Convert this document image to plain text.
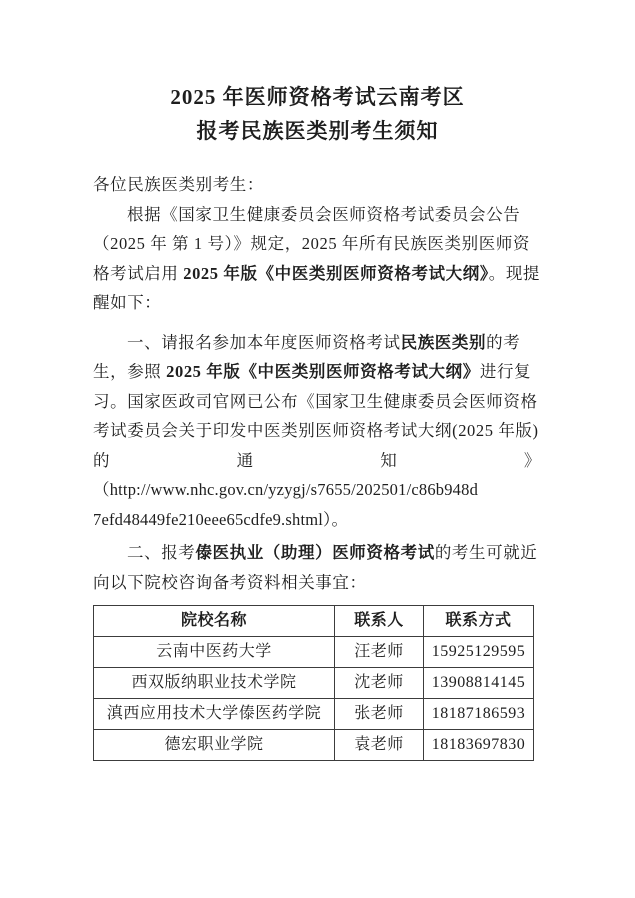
2025 年医师资格考试云南考区
报考民族医类别考生须知
各位民族医类别考生：
根据《国家卫生健康委员会医师资格考试委员会公告
（2025 年 第 1 号）》规定，2025 年所有民族医类别医师资
格考试启用 2025 年版《中医类别医师资格考试大纲》。现提
醒如下：
一、请报名参加本年度医师资格考试民族医类别的考
生，参照 2025 年版《中医类别医师资格考试大纲》进行复
习。国家医政司官网已公布《国家卫生健康委员会医师资格
考试委员会关于印发中医类别医师资格考试大纲(2025 年版)
的	通	知	》
（http://www.nhc.gov.cn/yzygj/s7655/202501/c86b948d
7efd48449fe210eee65cdfe9.shtml）。
二、报考傣医执业（助理）医师资格考试的考生可就近
向以下院校咨询备考资料相关事宜：
院校名称	联系人	联系方式
云南中医药大学	汪老师	15925129595
西双版纳职业技术学院	沈老师	13908814145
滇西应用技术大学傣医药学院	张老师	18187186593
德宏职业学院	袁老师	18183697830
